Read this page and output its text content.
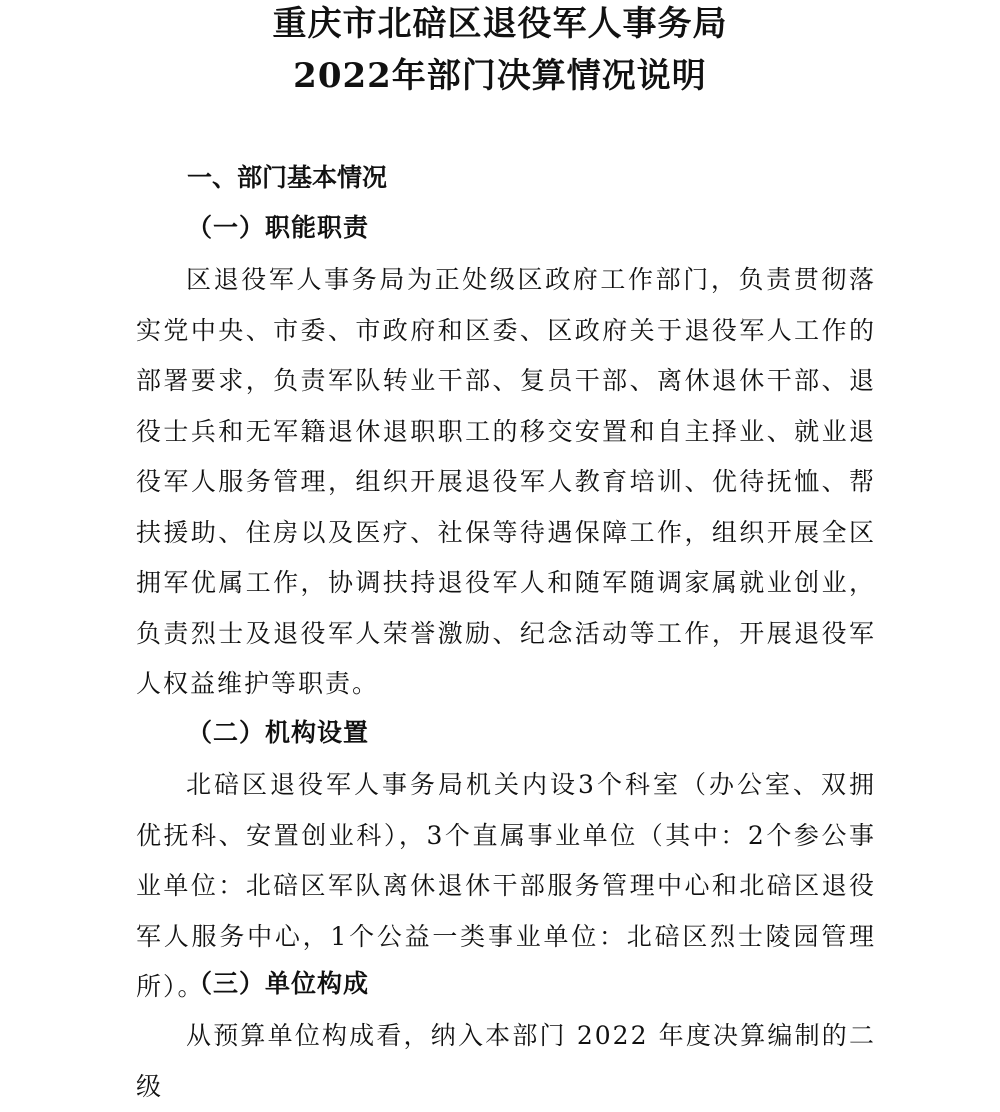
重庆市北碚区退役军人事务局
2022年部门决算情况说明
一、部门基本情况
（一）职能职责

区退役军人事务局为正处级区政府工作部门，负责贯彻落实党中央、市委、市政府和区委、区政府关于退役军人工作的部署要求，负责军队转业干部、复员干部、离休退休干部、退役士兵和无军籍退休退职职工的移交安置和自主择业、就业退役军人服务管理，组织开展退役军人教育培训、优待抚恤、帮扶援助、住房以及医疗、社保等待遇保障工作，组织开展全区拥军优属工作，协调扶持退役军人和随军随调家属就业创业，负责烈士及退役军人荣誉激励、纪念活动等工作，开展退役军人权益维护等职责。

（二）机构设置

北碚区退役军人事务局机关内设3个科室（办公室、双拥优抚科、安置创业科），3个直属事业单位（其中：2个参公事业单位：北碚区军队离休退休干部服务管理中心和北碚区退役军人服务中心，1个公益一类事业单位：北碚区烈士陵园管理所）。

（三）单位构成

从预算单位构成看，纳入本部门 2022 年度决算编制的二级
